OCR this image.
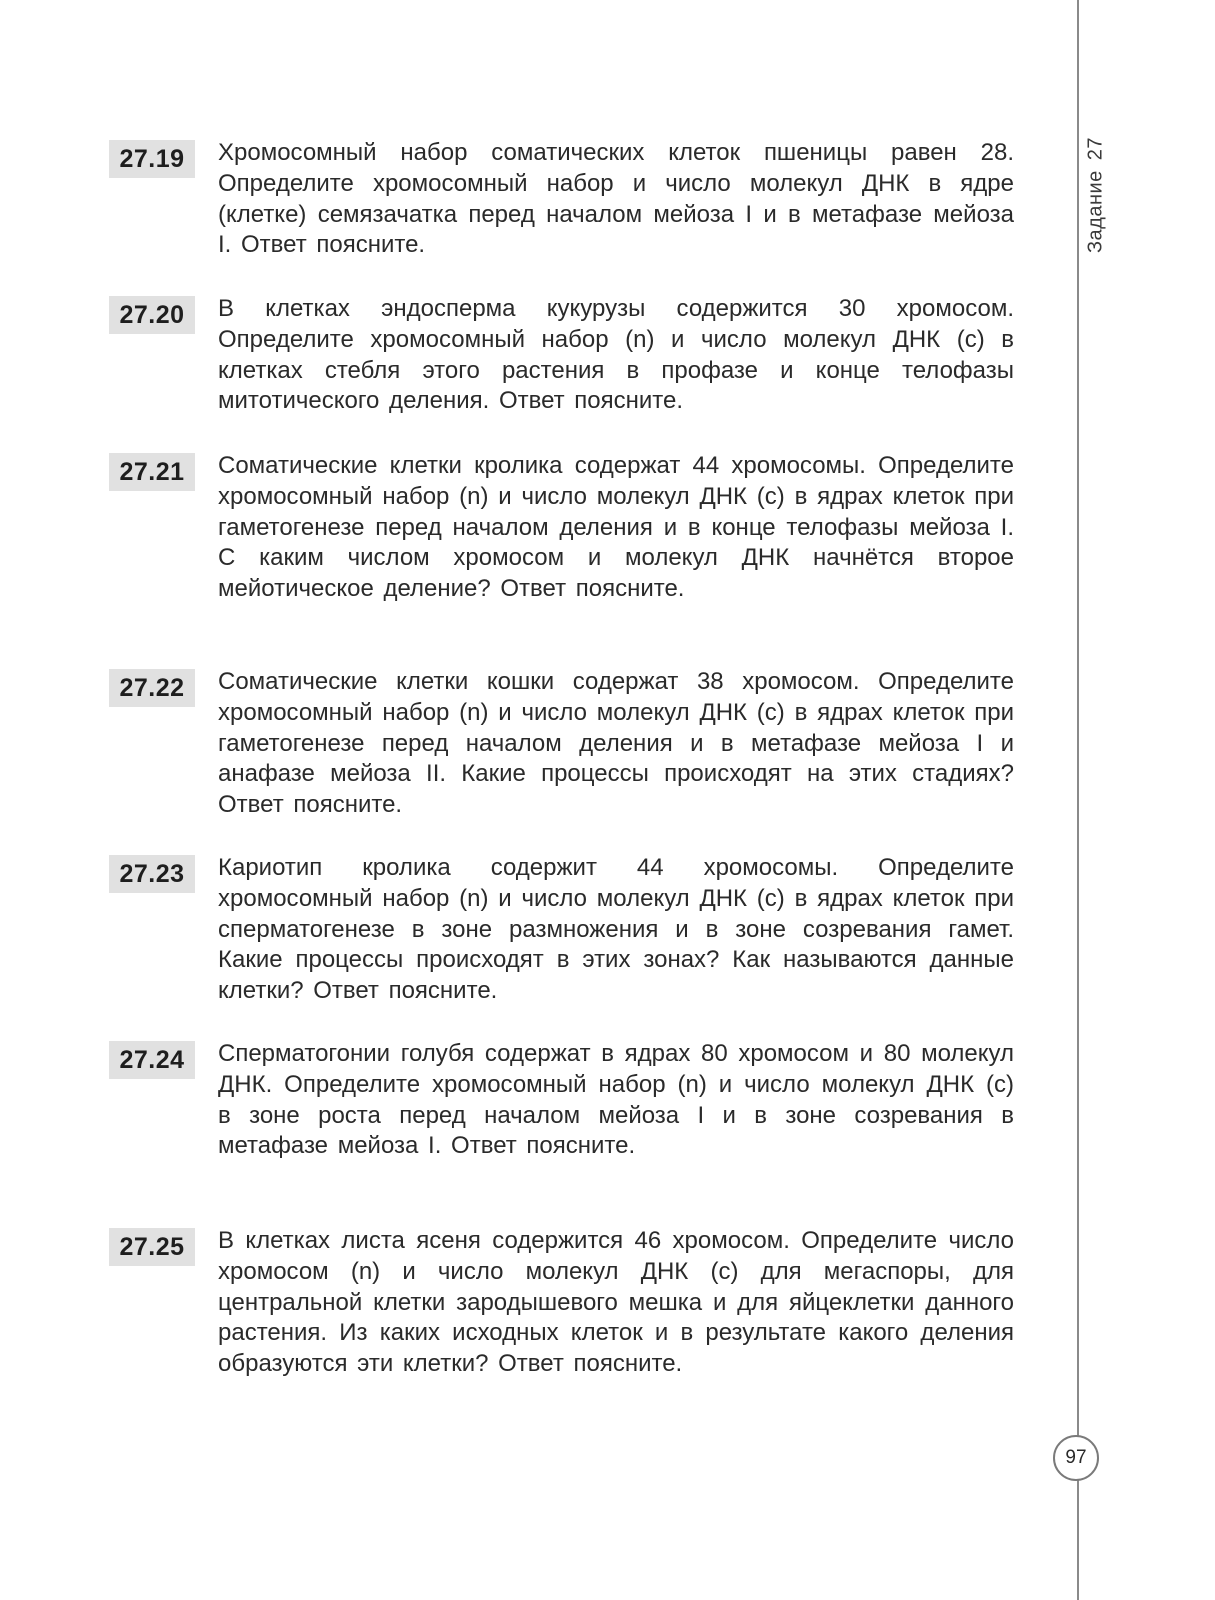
Задание27
27.19	Хромосомный набор соматических клеток пшеницы равен 28. Определите хромосомный набор и число молекул ДНК в ядре (клетке) семязачатка перед началом мейоза I и в метафазе мейоза I. Ответ поясните.
27.20	В клетках эндосперма кукурузы содержится 30 хромосом. Определите хромосомный набор (n) и число молекул ДНК (c) в клетках стебля этого растения в профазе и конце телофазы митотического деления. Ответ поясните.
27.21	Соматические клетки кролика содержат 44 хромосомы. Определите хромосомный набор (n) и число молекул ДНК (c) в ядрах клеток при гаметогенезе перед началом деления и в конце телофазы мейоза I. С каким числом хромосом и молекул ДНК начнётся второе мейотическое деление? Ответ поясните.
27.22	Соматические клетки кошки содержат 38 хромосом. Определите хромосомный набор (n) и число молекул ДНК (c) в ядрах клеток при гаметогенезе перед началом деления и в метафазе мейоза I и анафазе мейоза II. Какие процессы происходят на этих стадиях? Ответ поясните.
27.23	Кариотип кролика содержит 44 хромосомы. Определите хромосомный набор (n) и число молекул ДНК (c) в ядрах клеток при сперматогенезе в зоне размножения и в зоне созревания гамет. Какие процессы происходят в этих зонах? Как называются данные клетки? Ответ поясните.
27.24	Сперматогонии голубя содержат в ядрах 80 хромосом и 80 молекул ДНК. Определите хромосомный набор (n) и число молекул ДНК (c) в зоне роста перед началом мейоза I и в зоне созревания в метафазе мейоза I. Ответ поясните.
27.25	В клетках листа ясеня содержится 46 хромосом. Определите число хромосом (n) и число молекул ДНК (c) для мегаспоры, для центральной клетки зародышевого мешка и для яйцеклетки данного растения. Из каких исходных клеток и в результате какого деления образуются эти клетки? Ответ поясните.
97
